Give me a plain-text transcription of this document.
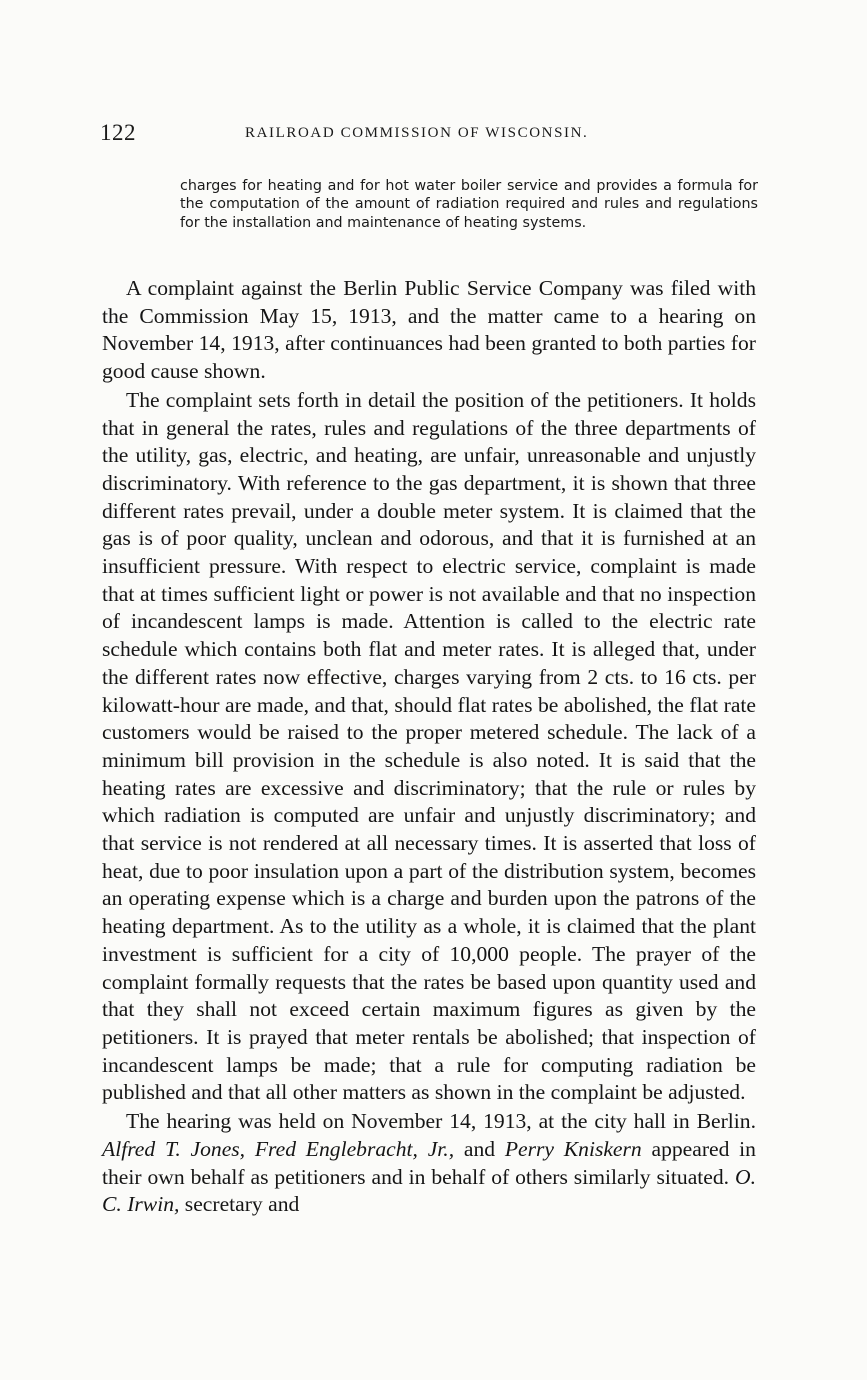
122	RAILROAD COMMISSION OF WISCONSIN.

charges for heating and for hot water boiler service and provides a formula for the computation of the amount of radiation required and rules and regulations for the installation and maintenance of heating systems.

A complaint against the Berlin Public Service Company was filed with the Commission May 15, 1913, and the matter came to a hearing on November 14, 1913, after continuances had been granted to both parties for good cause shown.

The complaint sets forth in detail the position of the petitioners. It holds that in general the rates, rules and regulations of the three departments of the utility, gas, electric, and heating, are unfair, unreasonable and unjustly discriminatory. With reference to the gas department, it is shown that three different rates prevail, under a double meter system. It is claimed that the gas is of poor quality, unclean and odorous, and that it is furnished at an insufficient pressure. With respect to electric service, complaint is made that at times sufficient light or power is not available and that no inspection of incandescent lamps is made. Attention is called to the electric rate schedule which contains both flat and meter rates. It is alleged that, under the different rates now effective, charges varying from 2 cts. to 16 cts. per kilowatt-hour are made, and that, should flat rates be abolished, the flat rate customers would be raised to the proper metered schedule. The lack of a minimum bill provision in the schedule is also noted. It is said that the heating rates are excessive and discriminatory; that the rule or rules by which radiation is computed are unfair and unjustly discriminatory; and that service is not rendered at all necessary times. It is asserted that loss of heat, due to poor insulation upon a part of the distribution system, becomes an operating expense which is a charge and burden upon the patrons of the heating department. As to the utility as a whole, it is claimed that the plant investment is sufficient for a city of 10,000 people. The prayer of the complaint formally requests that the rates be based upon quantity used and that they shall not exceed certain maximum figures as given by the petitioners. It is prayed that meter rentals be abolished; that inspection of incandescent lamps be made; that a rule for computing radiation be published and that all other matters as shown in the complaint be adjusted.

The hearing was held on November 14, 1913, at the city hall in Berlin. Alfred T. Jones, Fred Englebracht, Jr., and Perry Kniskern appeared in their own behalf as petitioners and in behalf of others similarly situated. O. C. Irwin, secretary and
